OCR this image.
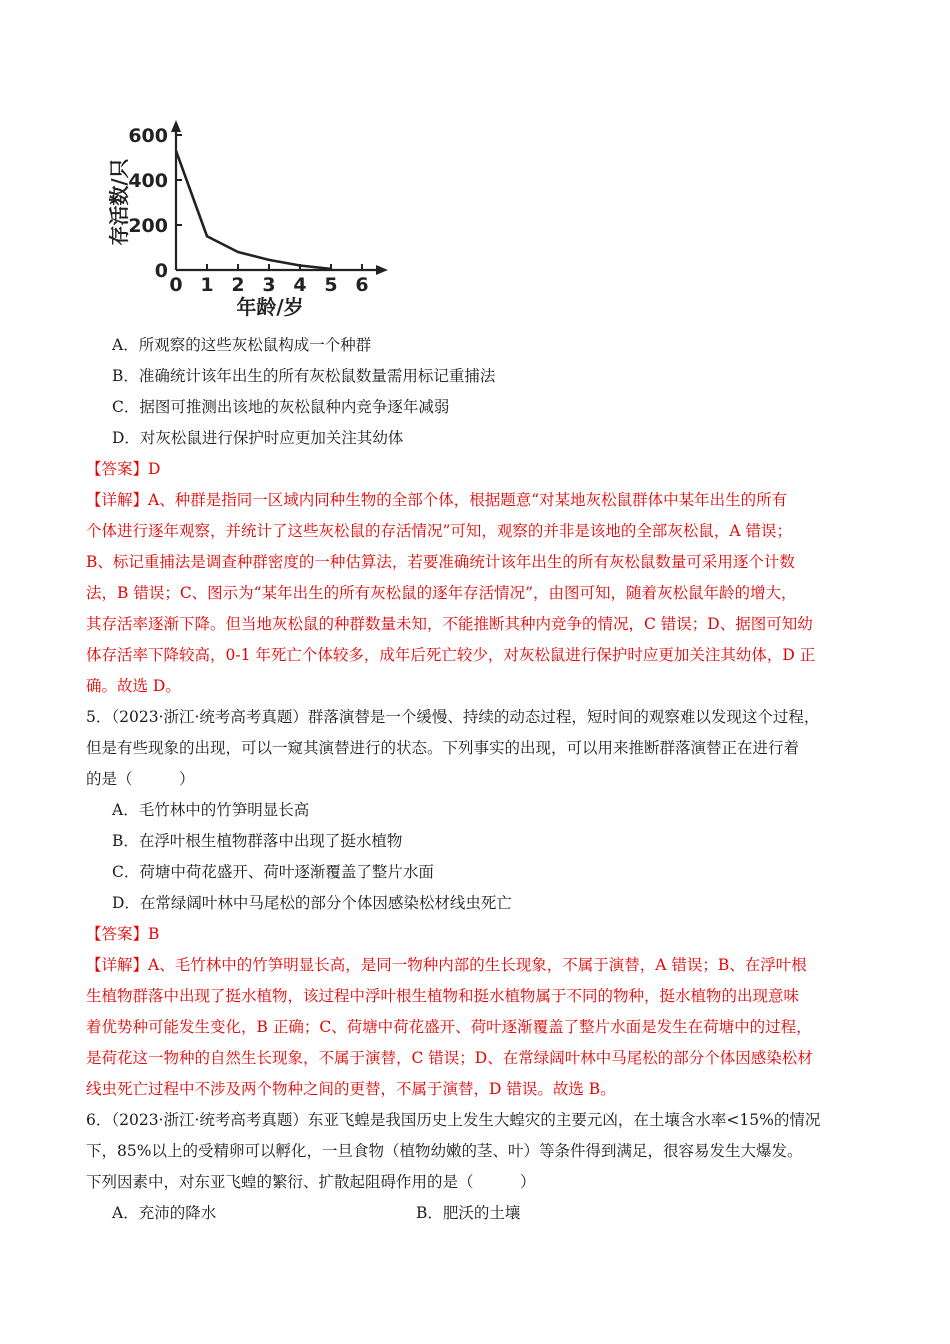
0
200
400
600
0 1 2 3 4 5 6
存活数/只
年龄/岁
A．所观察的这些灰松鼠构成一个种群
B．准确统计该年出生的所有灰松鼠数量需用标记重捕法
C．据图可推测出该地的灰松鼠种内竞争逐年减弱
D．对灰松鼠进行保护时应更加关注其幼体
【答案】D
【详解】A、种群是指同一区域内同种生物的全部个体，根据题意“对某地灰松鼠群体中某年出生的所有
个体进行逐年观察，并统计了这些灰松鼠的存活情况”可知，观察的并非是该地的全部灰松鼠，A 错误；
B、标记重捕法是调查种群密度的一种估算法，若要准确统计该年出生的所有灰松鼠数量可采用逐个计数
法，B 错误；C、图示为“某年出生的所有灰松鼠的逐年存活情况”，由图可知，随着灰松鼠年龄的增大，
其存活率逐渐下降。但当地灰松鼠的种群数量未知，不能推断其种内竞争的情况，C 错误；D、据图可知幼
体存活率下降较高，0-1 年死亡个体较多，成年后死亡较少，对灰松鼠进行保护时应更加关注其幼体，D 正
确。故选 D。
5．（2023·浙江·统考高考真题）群落演替是一个缓慢、持续的动态过程，短时间的观察难以发现这个过程，
但是有些现象的出现，可以一窥其演替进行的状态。下列事实的出现，可以用来推断群落演替正在进行着
的是（　　　）
A．毛竹林中的竹笋明显长高
B．在浮叶根生植物群落中出现了挺水植物
C．荷塘中荷花盛开、荷叶逐渐覆盖了整片水面
D．在常绿阔叶林中马尾松的部分个体因感染松材线虫死亡
【答案】B
【详解】A、毛竹林中的竹笋明显长高，是同一物种内部的生长现象，不属于演替，A 错误；B、在浮叶根
生植物群落中出现了挺水植物，该过程中浮叶根生植物和挺水植物属于不同的物种，挺水植物的出现意味
着优势种可能发生变化，B 正确；C、荷塘中荷花盛开、荷叶逐渐覆盖了整片水面是发生在荷塘中的过程，
是荷花这一物种的自然生长现象，不属于演替，C 错误；D、在常绿阔叶林中马尾松的部分个体因感染松材
线虫死亡过程中不涉及两个物种之间的更替，不属于演替，D 错误。故选 B。
6．（2023·浙江·统考高考真题）东亚飞蝗是我国历史上发生大蝗灾的主要元凶，在土壤含水率<15%的情况
下，85%以上的受精卵可以孵化，一旦食物（植物幼嫩的茎、叶）等条件得到满足，很容易发生大爆发。
下列因素中，对东亚飞蝗的繁衍、扩散起阻碍作用的是（　　　）
A．充沛的降水	B．肥沃的土壤
